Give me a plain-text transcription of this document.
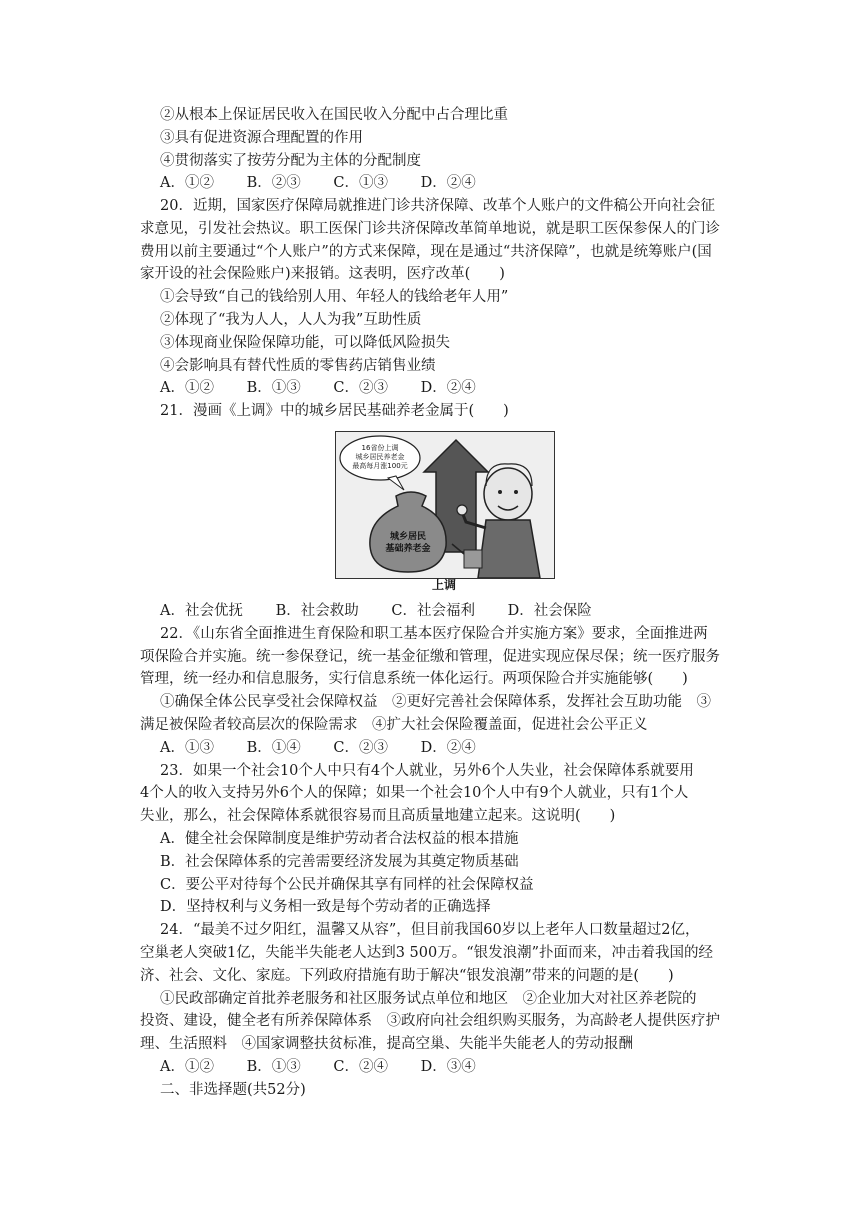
②从根本上保证居民收入在国民收入分配中占合理比重
③具有促进资源合理配置的作用
④贯彻落实了按劳分配为主体的分配制度
A．①② B．②③ C．①③ D．②④
20．近期，国家医疗保障局就推进门诊共济保障、改革个人账户的文件稿公开向社会征
求意见，引发社会热议。职工医保门诊共济保障改革简单地说，就是职工医保参保人的门诊
费用以前主要通过“个人账户”的方式来保障，现在是通过“共济保障”，也就是统筹账户(国
家开设的社会保险账户)来报销。这表明，医疗改革(　　)
①会导致“自己的钱给别人用、年轻人的钱给老年人用”
②体现了“我为人人，人人为我”互助性质
③体现商业保险保障功能，可以降低风险损失
④会影响具有替代性质的零售药店销售业绩
A．①② B．①③ C．②③ D．②④
21．漫画《上调》中的城乡居民基础养老金属于(　　)
16省份上调
城乡居民养老金
最高每月涨100元
城乡居民
基础养老金
上调
A．社会优抚 B．社会救助 C．社会福利 D．社会保险
22．《山东省全面推进生育保险和职工基本医疗保险合并实施方案》要求，全面推进两
项保险合并实施。统一参保登记，统一基金征缴和管理，促进实现应保尽保；统一医疗服务
管理，统一经办和信息服务，实行信息系统一体化运行。两项保险合并实施能够(　　)
①确保全体公民享受社会保障权益　②更好完善社会保障体系，发挥社会互助功能　③
满足被保险者较高层次的保险需求　④扩大社会保险覆盖面，促进社会公平正义
A．①③ B．①④ C．②③ D．②④
23．如果一个社会10个人中只有4个人就业，另外6个人失业，社会保障体系就要用
4个人的收入支持另外6个人的保障；如果一个社会10个人中有9个人就业，只有1个人
失业，那么，社会保障体系就很容易而且高质量地建立起来。这说明(　　)
A．健全社会保障制度是维护劳动者合法权益的根本措施
B．社会保障体系的完善需要经济发展为其奠定物质基础
C．要公平对待每个公民并确保其享有同样的社会保障权益
D．坚持权利与义务相一致是每个劳动者的正确选择
24．“最美不过夕阳红，温馨又从容”，但目前我国60岁以上老年人口数量超过2亿，
空巢老人突破1亿，失能半失能老人达到3 500万。“银发浪潮”扑面而来，冲击着我国的经
济、社会、文化、家庭。下列政府措施有助于解决“银发浪潮”带来的问题的是(　　)
①民政部确定首批养老服务和社区服务试点单位和地区　②企业加大对社区养老院的
投资、建设，健全老有所养保障体系　③政府向社会组织购买服务，为高龄老人提供医疗护
理、生活照料　④国家调整扶贫标准，提高空巢、失能半失能老人的劳动报酬
A．①② B．①③ C．②④ D．③④
二、非选择题(共52分)
